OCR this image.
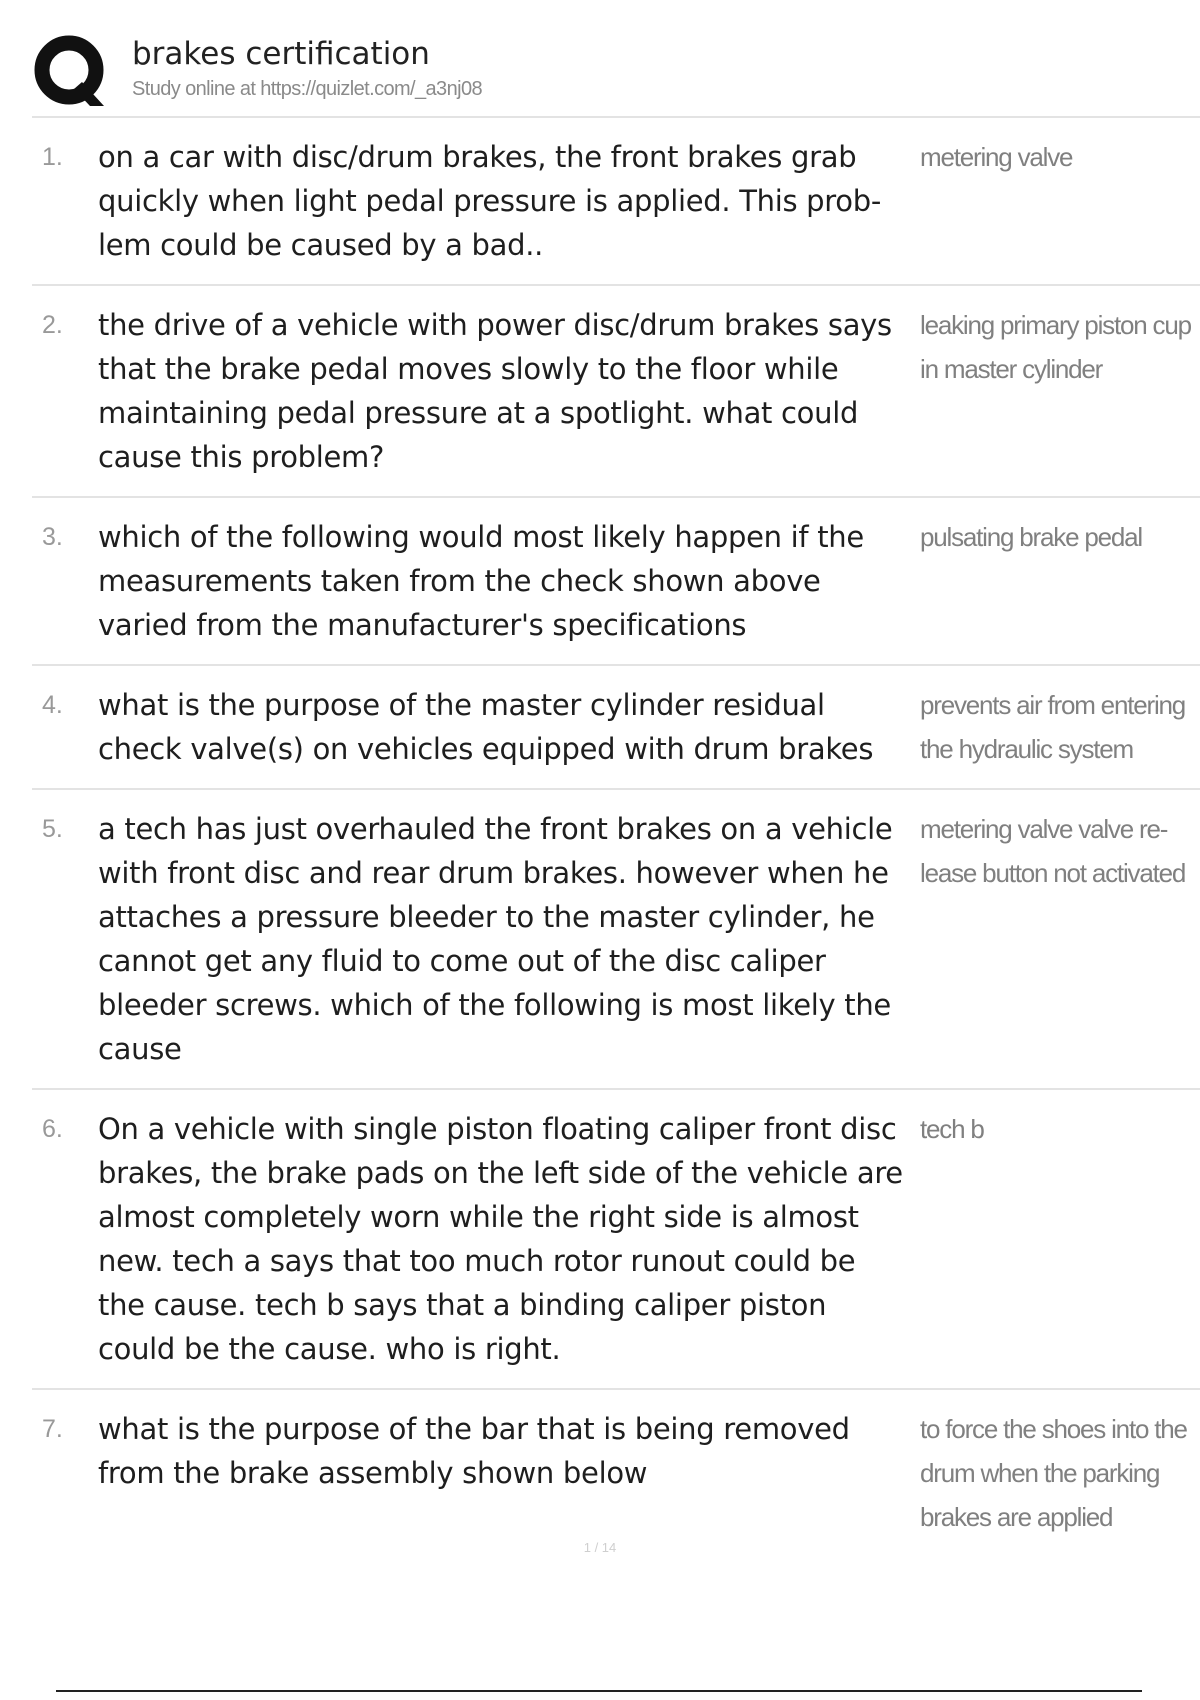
brakes certification
Study online at https://quizlet.com/_a3nj08
1.	on a car with disc/drum brakes, the front brakes grab quickly when light pedal pressure is applied. This prob- lem could be caused by a bad..
metering valve
2.	the drive of a vehicle with power disc/drum brakes says that the brake pedal moves slowly to the floor while maintaining pedal pressure at a spotlight. what could cause this problem?
leaking primary piston cup in master cylinder
3.	which of the following would most likely happen if the measurements taken from the check shown above varied from the manufacturer's specifications
pulsating brake pedal
4.	what is the purpose of the master cylinder residual check valve(s) on vehicles equipped with drum brakes
prevents air from entering the hydraulic system
5.	a tech has just overhauled the front brakes on a vehicle with front disc and rear drum brakes. however when he attaches a pressure bleeder to the master cylinder, he cannot get any fluid to come out of the disc caliper bleeder screws. which of the following is most likely the cause
metering valve valve re- lease button not activated
6.	On a vehicle with single piston floating caliper front disc brakes, the brake pads on the left side of the vehicle are almost completely worn while the right side is almost new. tech a says that too much rotor runout could be the cause. tech b says that a binding caliper piston could be the cause. who is right.
tech b
7.	what is the purpose of the bar that is being removed from the brake assembly shown below
to force the shoes into the drum when the parking brakes are applied
1 / 14
